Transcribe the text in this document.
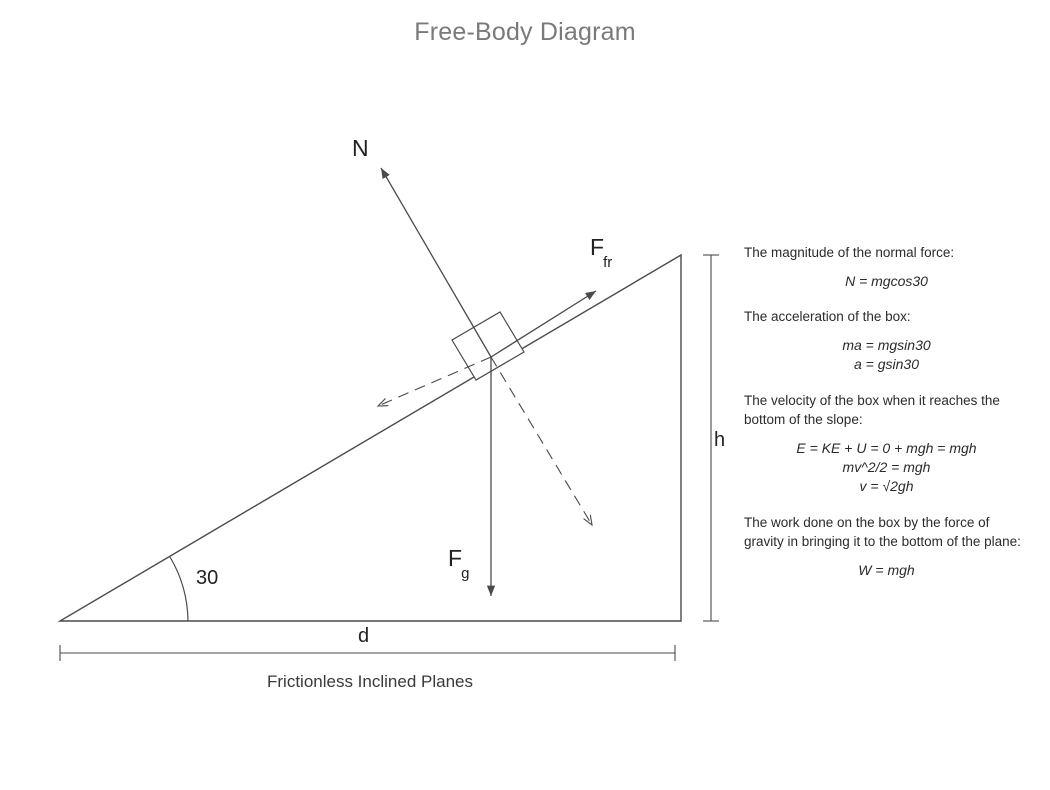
Free-Body Diagram
N
$F_{fr}$
$F_g$
d
h
30
Frictionless Inclined Planes
The magnitude of the normal force:
N = mgcos30
The acceleration of the box:
ma = mgsin30
a = gsin30
The velocity of the box when it reaches the bottom of the slope:
E = KE + U = 0 + mgh = mgh
mv^2/2 = mgh
v = √2gh
The work done on the box by the force of gravity in bringing it to the bottom of the plane:
W = mgh
